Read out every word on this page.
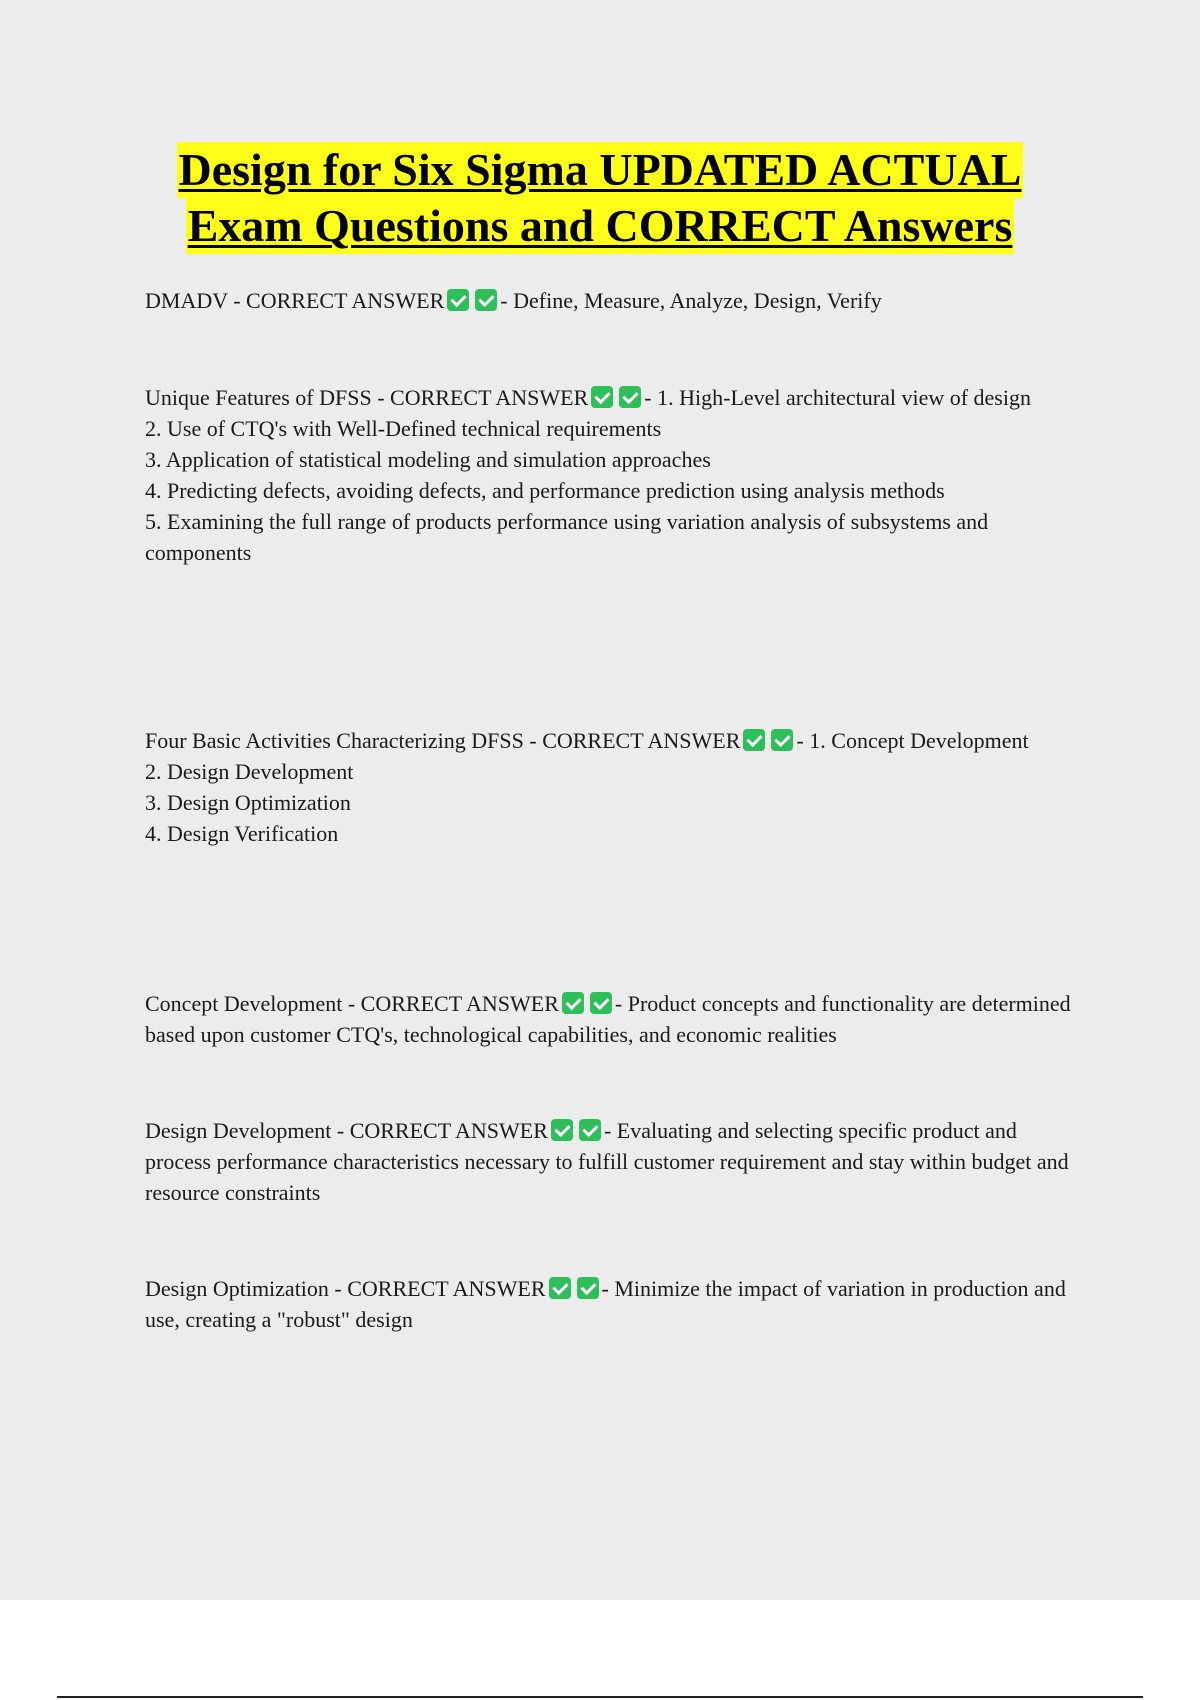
Design for Six Sigma UPDATED ACTUAL
Exam Questions and CORRECT Answers

DMADV - CORRECT ANSWER	- Define, Measure, Analyze, Design, Verify

Unique Features of DFSS - CORRECT ANSWER	- 1. High-Level architectural view of design

2. Use of CTQ's with Well-Defined technical requirements

3. Application of statistical modeling and simulation approaches

4. Predicting defects, avoiding defects, and performance prediction using analysis methods

5. Examining the full range of products performance using variation analysis of subsystems and components

Four Basic Activities Characterizing DFSS - CORRECT ANSWER	- 1. Concept Development

2. Design Development

3. Design Optimization

4. Design Verification

Concept Development - CORRECT ANSWER	- Product concepts and functionality are determined based upon customer CTQ's, technological capabilities, and economic realities

Design Development - CORRECT ANSWER	- Evaluating and selecting specific product and process performance characteristics necessary to fulfill customer requirement and stay within budget and resource constraints

Design Optimization - CORRECT ANSWER	- Minimize the impact of variation in production and use, creating a "robust" design
